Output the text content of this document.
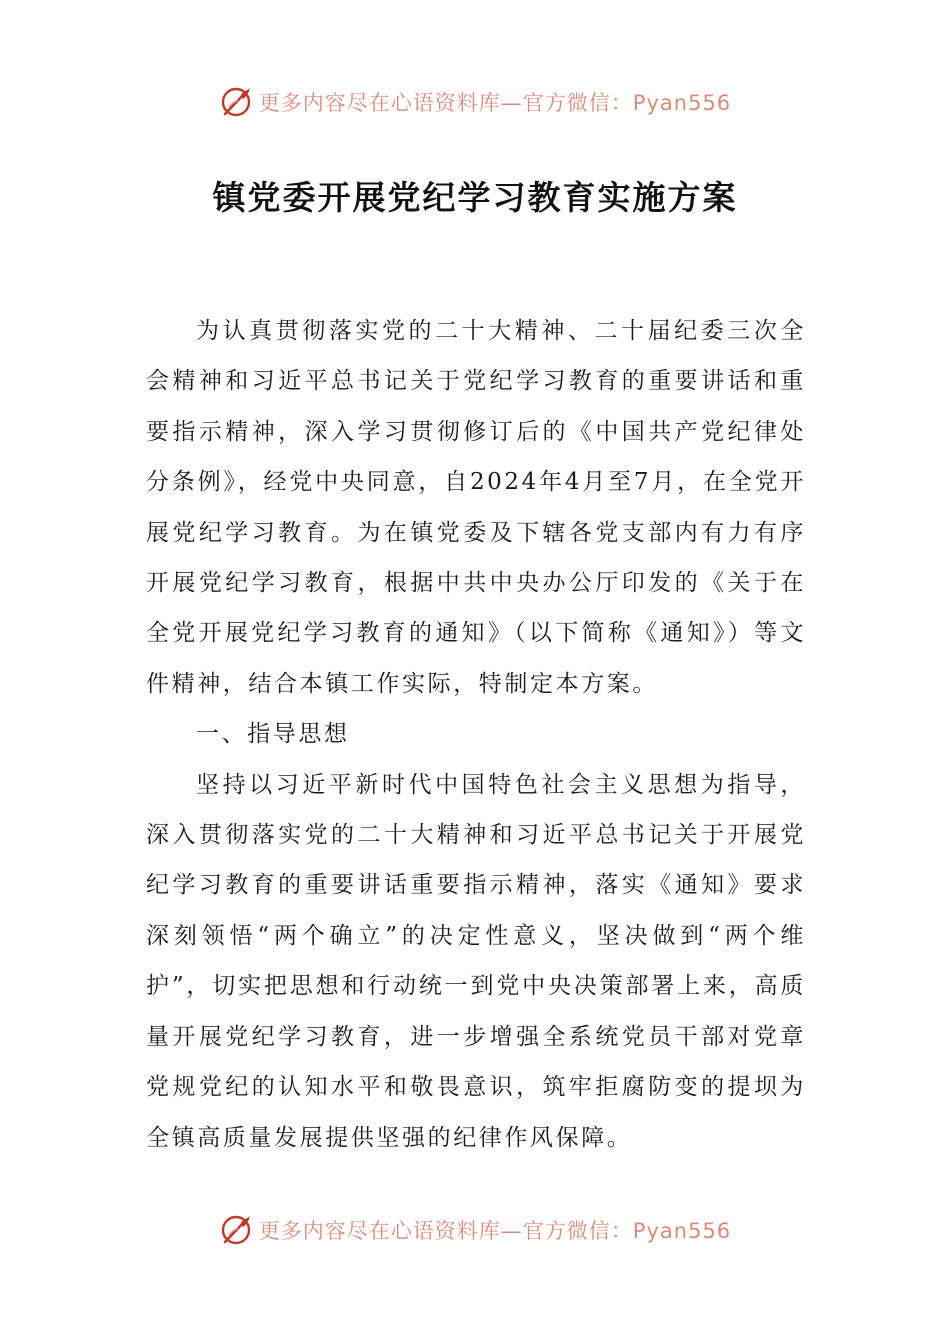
更多内容尽在心语资料库—官方微信：Pyan556
镇党委开展党纪学习教育实施方案

为认真贯彻落实党的二十大精神、二十届纪委三次全会精神和习近平总书记关于党纪学习教育的重要讲话和重要指示精神，深入学习贯彻修订后的《中国共产党纪律处分条例》，经党中央同意，自2024年4月至7月，在全党开展党纪学习教育。为在镇党委及下辖各党支部内有力有序开展党纪学习教育，根据中共中央办公厅印发的《关于在全党开展党纪学习教育的通知》（以下简称《通知》）等文件精神，结合本镇工作实际，特制定本方案。

一、指导思想

坚持以习近平新时代中国特色社会主义思想为指导，深入贯彻落实党的二十大精神和习近平总书记关于开展党纪学习教育的重要讲话重要指示精神，落实《通知》要求深刻领悟“两个确立”的决定性意义，坚决做到“两个维护”，切实把思想和行动统一到党中央决策部署上来，高质量开展党纪学习教育，进一步增强全系统党员干部对党章党规党纪的认知水平和敬畏意识，筑牢拒腐防变的提坝为全镇高质量发展提供坚强的纪律作风保障。

更多内容尽在心语资料库—官方微信：Pyan556
